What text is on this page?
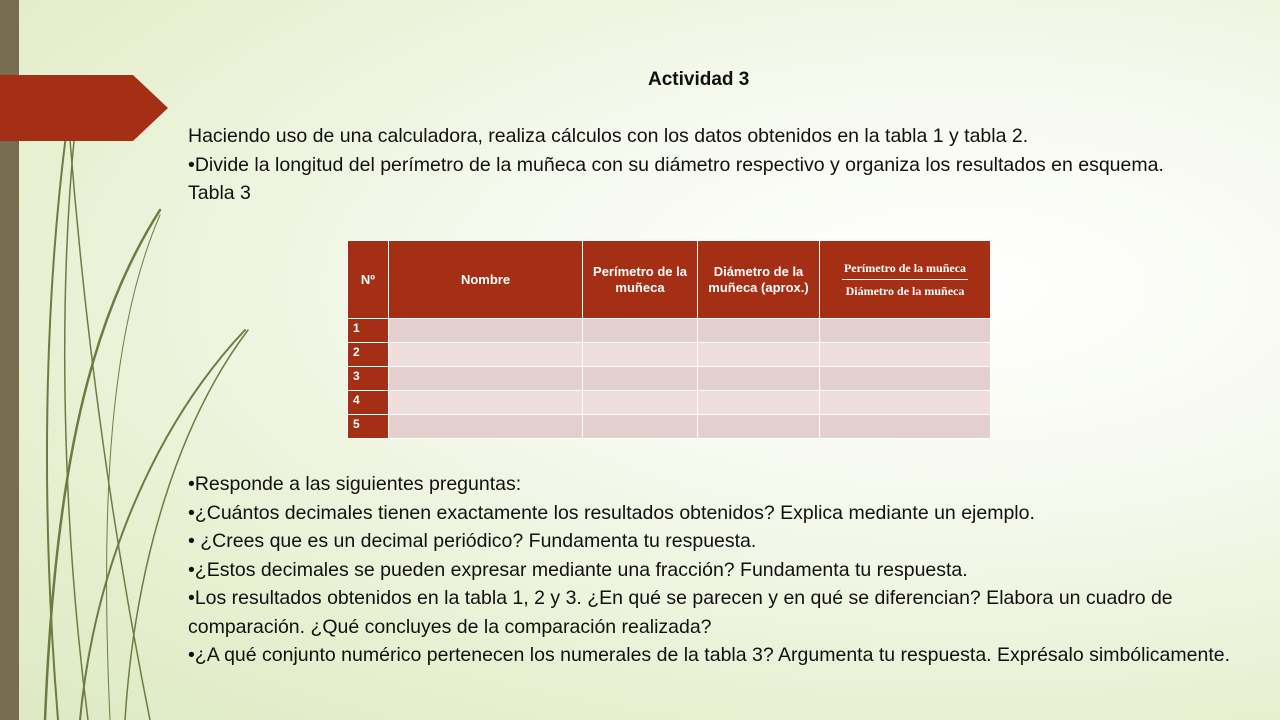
Actividad 3

Haciendo uso de una calculadora, realiza cálculos con los datos obtenidos en la tabla 1 y tabla 2.

•Divide la longitud del perímetro de la muñeca con su diámetro respectivo y organiza los resultados en esquema.

Tabla 3

Nº	Nombre	Perímetro de la muñeca	Diámetro de la muñeca (aprox.)	$\frac{\text{Perímetro de la muñeca}}{\text{Diámetro de la muñeca}}$

1				
2				
3				
4				
5				

•Responde a las siguientes preguntas:

•¿Cuántos decimales tienen exactamente los resultados obtenidos? Explica mediante un ejemplo.

• ¿Crees que es un decimal periódico? Fundamenta tu respuesta.

•¿Estos decimales se pueden expresar mediante una fracción? Fundamenta tu respuesta.

•Los resultados obtenidos en la tabla 1, 2 y 3. ¿En qué se parecen y en qué se diferencian? Elabora un cuadro de comparación. ¿Qué concluyes de la comparación realizada?

•¿A qué conjunto numérico pertenecen los numerales de la tabla 3? Argumenta tu respuesta. Exprésalo simbólicamente.
